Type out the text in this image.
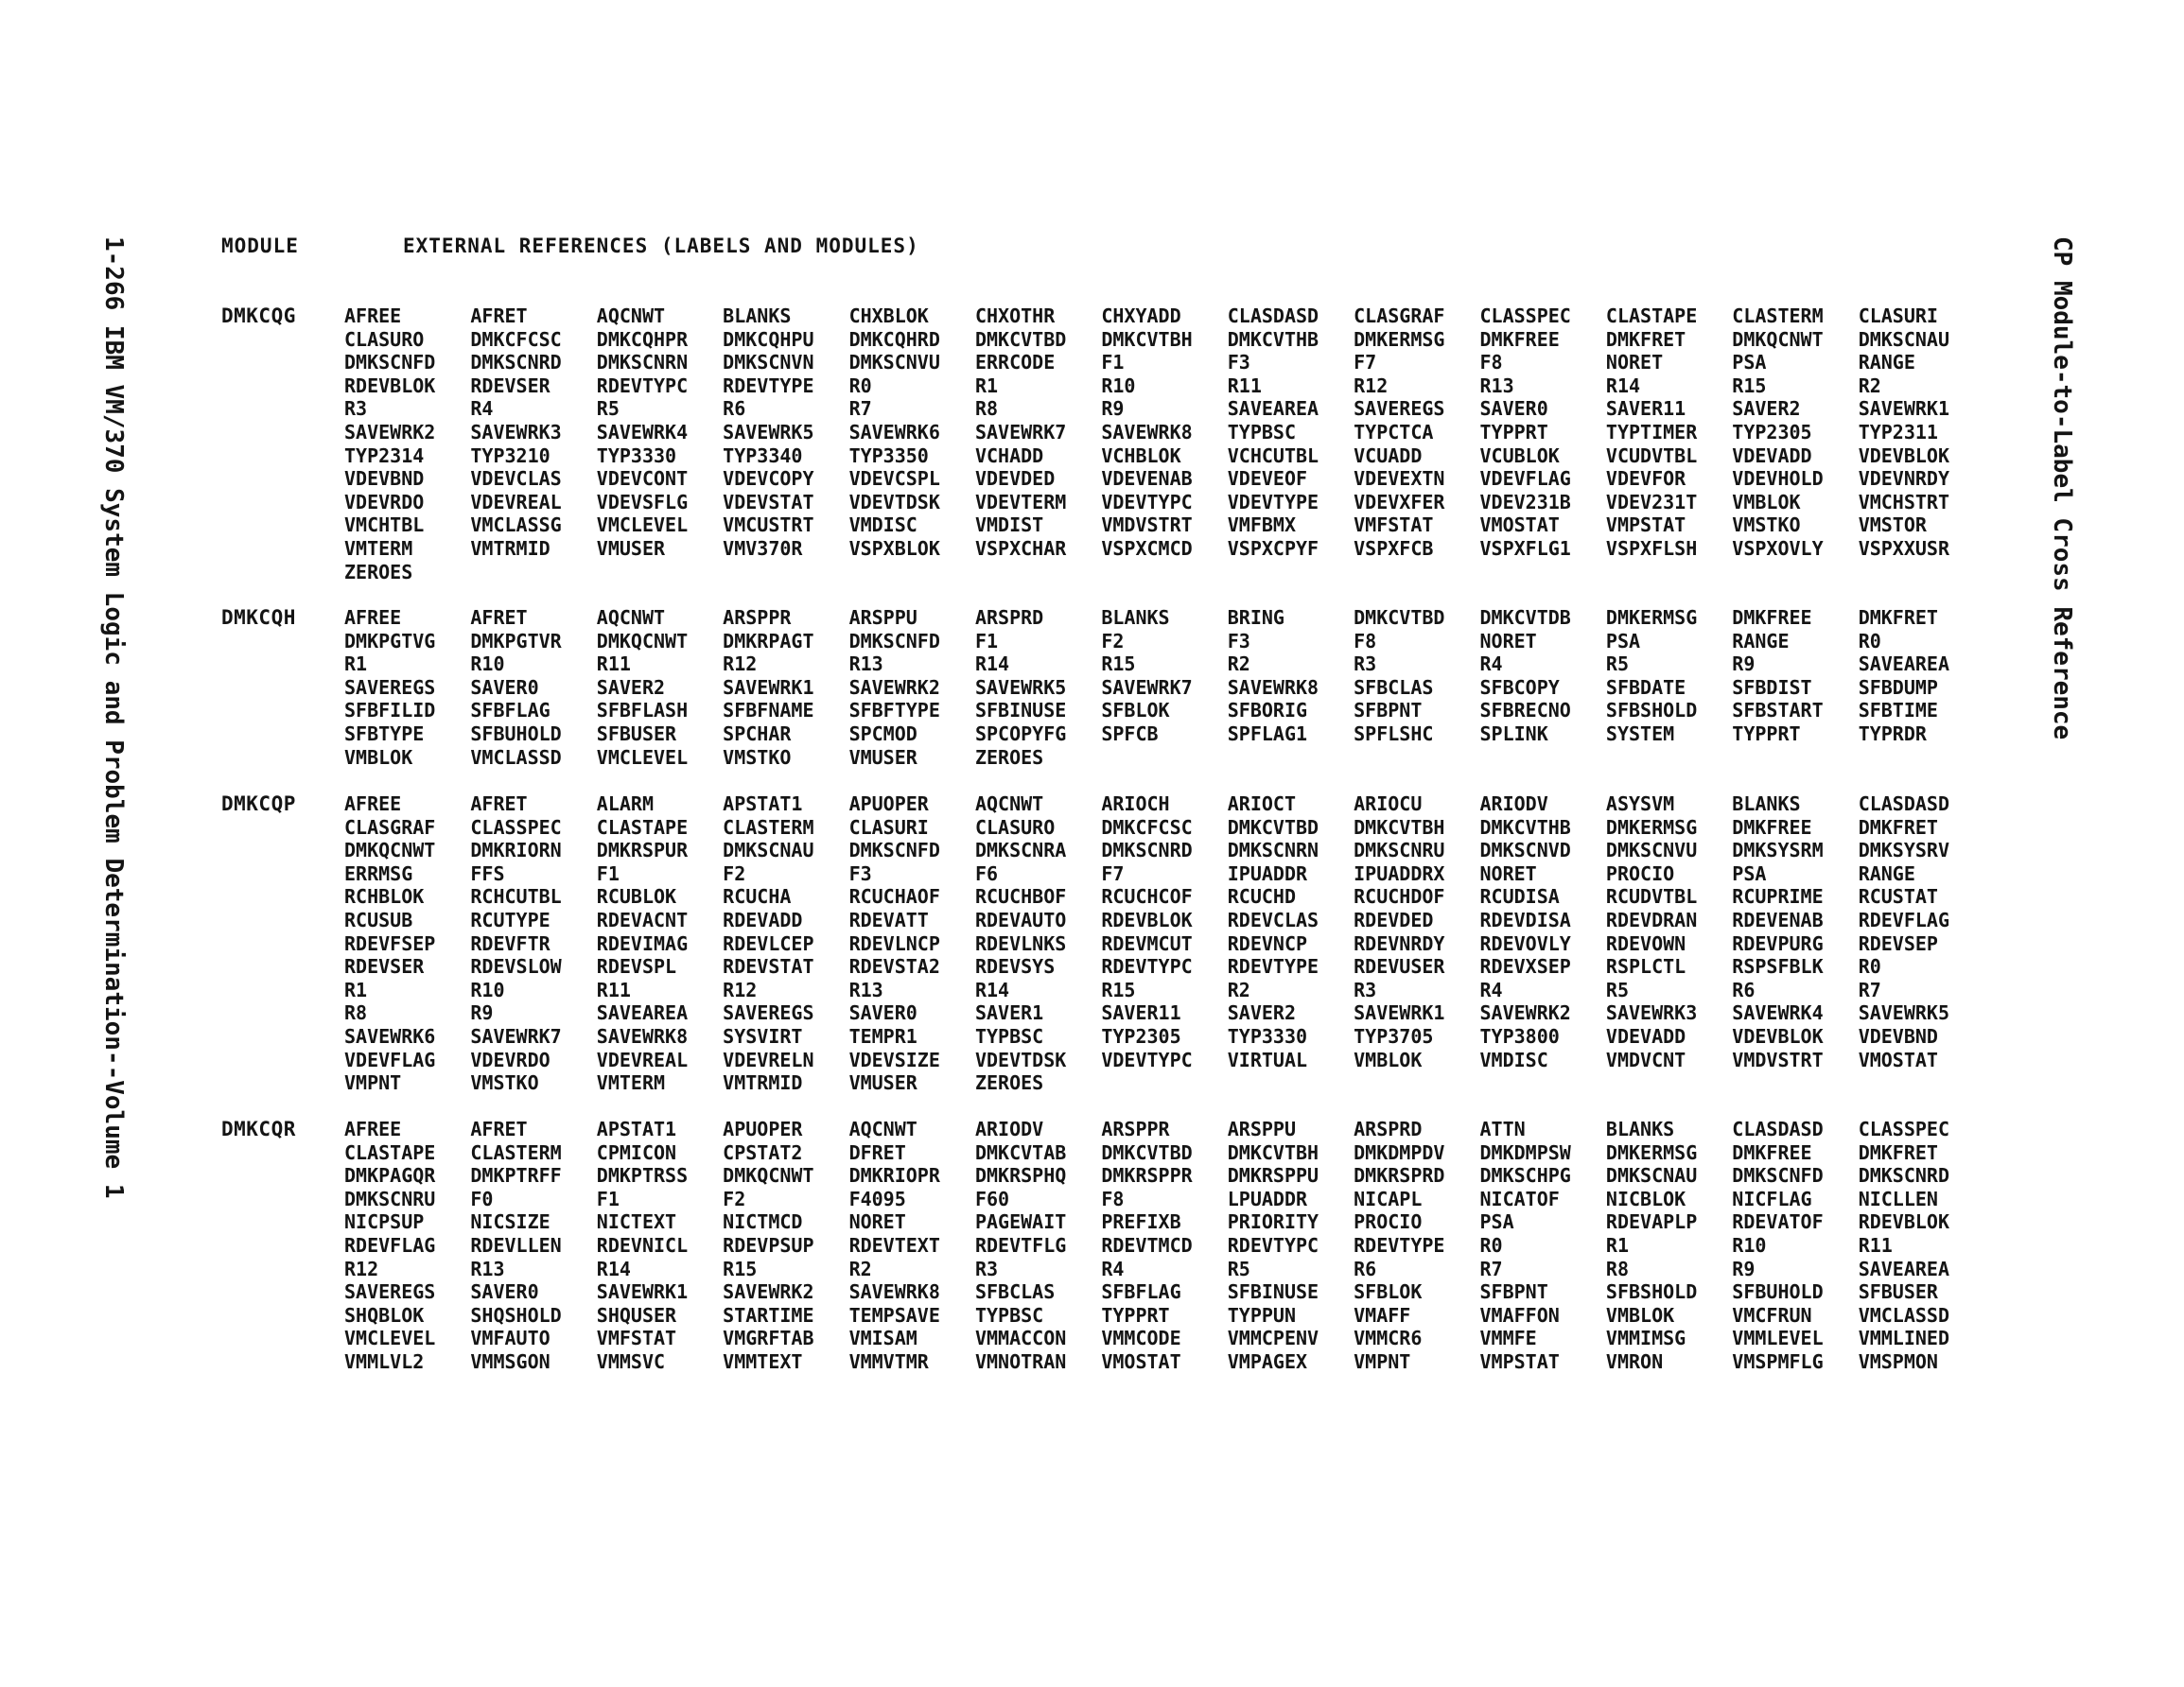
MODULE	EXTERNAL REFERENCES (LABELS AND MODULES)
1-266 IBM VM/370 System Logic and Problem Determination--Volume 1	CP Module-to-Label Cross Reference
DMKCQG	AFREE	AFRET	AQCNWT	BLANKS	CHXBLOK	CHXOTHR	CHXYADD	CLASDASD	CLASGRAF	CLASSPEC	CLASTAPE	CLASTERM	CLASURI
CLASURO	DMKCFCSC	DMKCQHPR	DMKCQHPU	DMKCQHRD	DMKCVTBD	DMKCVTBH	DMKCVTHB	DMKERMSG	DMKFREE	DMKFRET	DMKQCNWT	DMKSCNAU
DMKSCNFD	DMKSCNRD	DMKSCNRN	DMKSCNVN	DMKSCNVU	ERRCODE	F1	F3	F7	F8	NORET	PSA	RANGE
RDEVBLOK	RDEVSER	RDEVTYPC	RDEVTYPE	R0	R1	R10	R11	R12	R13	R14	R15	R2
R3	R4	R5	R6	R7	R8	R9	SAVEAREA	SAVEREGS	SAVER0	SAVER11	SAVER2	SAVEWRK1
SAVEWRK2	SAVEWRK3	SAVEWRK4	SAVEWRK5	SAVEWRK6	SAVEWRK7	SAVEWRK8	TYPBSC	TYPCTCA	TYPPRT	TYPTIMER	TYP2305	TYP2311
TYP2314	TYP3210	TYP3330	TYP3340	TYP3350	VCHADD	VCHBLOK	VCHCUTBL	VCUADD	VCUBLOK	VCUDVTBL	VDEVADD	VDEVBLOK
VDEVBND	VDEVCLAS	VDEVCONT	VDEVCOPY	VDEVCSPL	VDEVDED	VDEVENAB	VDEVEOF	VDEVEXTN	VDEVFLAG	VDEVFOR	VDEVHOLD	VDEVNRDY
VDEVRDO	VDEVREAL	VDEVSFLG	VDEVSTAT	VDEVTDSK	VDEVTERM	VDEVTYPC	VDEVTYPE	VDEVXFER	VDEV231B	VDEV231T	VMBLOK	VMCHSTRT
VMCHTBL	VMCLASSG	VMCLEVEL	VMCUSTRT	VMDISC	VMDIST	VMDVSTRT	VMFBMX	VMFSTAT	VMOSTAT	VMPSTAT	VMSTKO	VMSTOR
VMTERM	VMTRMID	VMUSER	VMV370R	VSPXBLOK	VSPXCHAR	VSPXCMCD	VSPXCPYF	VSPXFCB	VSPXFLG1	VSPXFLSH	VSPXOVLY	VSPXXUSR
ZEROES
DMKCQH	AFREE	AFRET	AQCNWT	ARSPPR	ARSPPU	ARSPRD	BLANKS	BRING	DMKCVTBD	DMKCVTDB	DMKERMSG	DMKFREE	DMKFRET
DMKPGTVG	DMKPGTVR	DMKQCNWT	DMKRPAGT	DMKSCNFD	F1	F2	F3	F8	NORET	PSA	RANGE	R0
R1	R10	R11	R12	R13	R14	R15	R2	R3	R4	R5	R9	SAVEAREA
SAVEREGS	SAVER0	SAVER2	SAVEWRK1	SAVEWRK2	SAVEWRK5	SAVEWRK7	SAVEWRK8	SFBCLAS	SFBCOPY	SFBDATE	SFBDIST	SFBDUMP
SFBFILID	SFBFLAG	SFBFLASH	SFBFNAME	SFBFTYPE	SFBINUSE	SFBLOK	SFBORIG	SFBPNT	SFBRECNO	SFBSHOLD	SFBSTART	SFBTIME
SFBTYPE	SFBUHOLD	SFBUSER	SPCHAR	SPCMOD	SPCOPYFG	SPFCB	SPFLAG1	SPFLSHC	SPLINK	SYSTEM	TYPPRT	TYPRDR
VMBLOK	VMCLASSD	VMCLEVEL	VMSTKO	VMUSER	ZEROES
DMKCQP	AFREE	AFRET	ALARM	APSTAT1	APUOPER	AQCNWT	ARIOCH	ARIOCT	ARIOCU	ARIODV	ASYSVM	BLANKS	CLASDASD
CLASGRAF	CLASSPEC	CLASTAPE	CLASTERM	CLASURI	CLASURO	DMKCFCSC	DMKCVTBD	DMKCVTBH	DMKCVTHB	DMKERMSG	DMKFREE	DMKFRET
DMKQCNWT	DMKRIORN	DMKRSPUR	DMKSCNAU	DMKSCNFD	DMKSCNRA	DMKSCNRD	DMKSCNRN	DMKSCNRU	DMKSCNVD	DMKSCNVU	DMKSYSRM	DMKSYSRV
ERRMSG	FFS	F1	F2	F3	F6	F7	IPUADDR	IPUADDRX	NORET	PROCIO	PSA	RANGE
RCHBLOK	RCHCUTBL	RCUBLOK	RCUCHA	RCUCHAOF	RCUCHBOF	RCUCHCOF	RCUCHD	RCUCHDOF	RCUDISA	RCUDVTBL	RCUPRIME	RCUSTAT
RCUSUB	RCUTYPE	RDEVACNT	RDEVADD	RDEVATT	RDEVAUTO	RDEVBLOK	RDEVCLAS	RDEVDED	RDEVDISA	RDEVDRAN	RDEVENAB	RDEVFLAG
RDEVFSEP	RDEVFTR	RDEVIMAG	RDEVLCEP	RDEVLNCP	RDEVLNKS	RDEVMCUT	RDEVNCP	RDEVNRDY	RDEVOVLY	RDEVOWN	RDEVPURG	RDEVSEP
RDEVSER	RDEVSLOW	RDEVSPL	RDEVSTAT	RDEVSTA2	RDEVSYS	RDEVTYPC	RDEVTYPE	RDEVUSER	RDEVXSEP	RSPLCTL	RSPSFBLK	R0
R1	R10	R11	R12	R13	R14	R15	R2	R3	R4	R5	R6	R7
R8	R9	SAVEAREA	SAVEREGS	SAVER0	SAVER1	SAVER11	SAVER2	SAVEWRK1	SAVEWRK2	SAVEWRK3	SAVEWRK4	SAVEWRK5
SAVEWRK6	SAVEWRK7	SAVEWRK8	SYSVIRT	TEMPR1	TYPBSC	TYP2305	TYP3330	TYP3705	TYP3800	VDEVADD	VDEVBLOK	VDEVBND
VDEVFLAG	VDEVRDO	VDEVREAL	VDEVRELN	VDEVSIZE	VDEVTDSK	VDEVTYPC	VIRTUAL	VMBLOK	VMDISC	VMDVCNT	VMDVSTRT	VMOSTAT
VMPNT	VMSTKO	VMTERM	VMTRMID	VMUSER	ZEROES
DMKCQR	AFREE	AFRET	APSTAT1	APUOPER	AQCNWT	ARIODV	ARSPPR	ARSPPU	ARSPRD	ATTN	BLANKS	CLASDASD	CLASSPEC
CLASTAPE	CLASTERM	CPMICON	CPSTAT2	DFRET	DMKCVTAB	DMKCVTBD	DMKCVTBH	DMKDMPDV	DMKDMPSW	DMKERMSG	DMKFREE	DMKFRET
DMKPAGQR	DMKPTRFF	DMKPTRSS	DMKQCNWT	DMKRIOPR	DMKRSPHQ	DMKRSPPR	DMKRSPPU	DMKRSPRD	DMKSCHPG	DMKSCNAU	DMKSCNFD	DMKSCNRD
DMKSCNRU	F0	F1	F2	F4095	F60	F8	LPUADDR	NICAPL	NICATOF	NICBLOK	NICFLAG	NICLLEN
NICPSUP	NICSIZE	NICTEXT	NICTMCD	NORET	PAGEWAIT	PREFIXB	PRIORITY	PROCIO	PSA	RDEVAPLP	RDEVATOF	RDEVBLOK
RDEVFLAG	RDEVLLEN	RDEVNICL	RDEVPSUP	RDEVTEXT	RDEVTFLG	RDEVTMCD	RDEVTYPC	RDEVTYPE	R0	R1	R10	R11
R12	R13	R14	R15	R2	R3	R4	R5	R6	R7	R8	R9	SAVEAREA
SAVEREGS	SAVER0	SAVEWRK1	SAVEWRK2	SAVEWRK8	SFBCLAS	SFBFLAG	SFBINUSE	SFBLOK	SFBPNT	SFBSHOLD	SFBUHOLD	SFBUSER
SHQBLOK	SHQSHOLD	SHQUSER	STARTIME	TEMPSAVE	TYPBSC	TYPPRT	TYPPUN	VMAFF	VMAFFON	VMBLOK	VMCFRUN	VMCLASSD
VMCLEVEL	VMFAUTO	VMFSTAT	VMGRFTAB	VMISAM	VMMACCON	VMMCODE	VMMCPENV	VMMCR6	VMMFE	VMMIMSG	VMMLEVEL	VMMLINED
VMMLVL2	VMMSGON	VMMSVC	VMMTEXT	VMMVTMR	VMNOTRAN	VMOSTAT	VMPAGEX	VMPNT	VMPSTAT	VMRON	VMSPMFLG	VMSPMON
